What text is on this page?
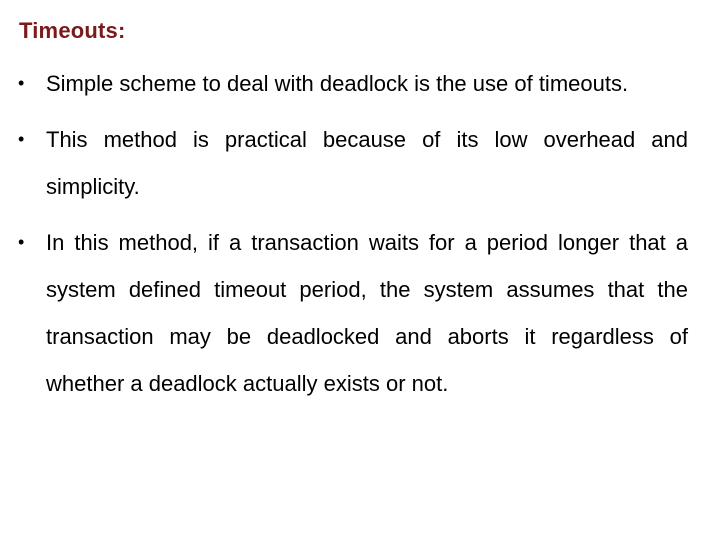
Timeouts:
• Simple scheme to deal with deadlock is the use of timeouts.
• This method is practical because of its low overhead and simplicity.
• In this method, if a transaction waits for a period longer that a system defined timeout period, the system assumes that the transaction may be deadlocked and aborts it regardless of whether a deadlock actually exists or not.
